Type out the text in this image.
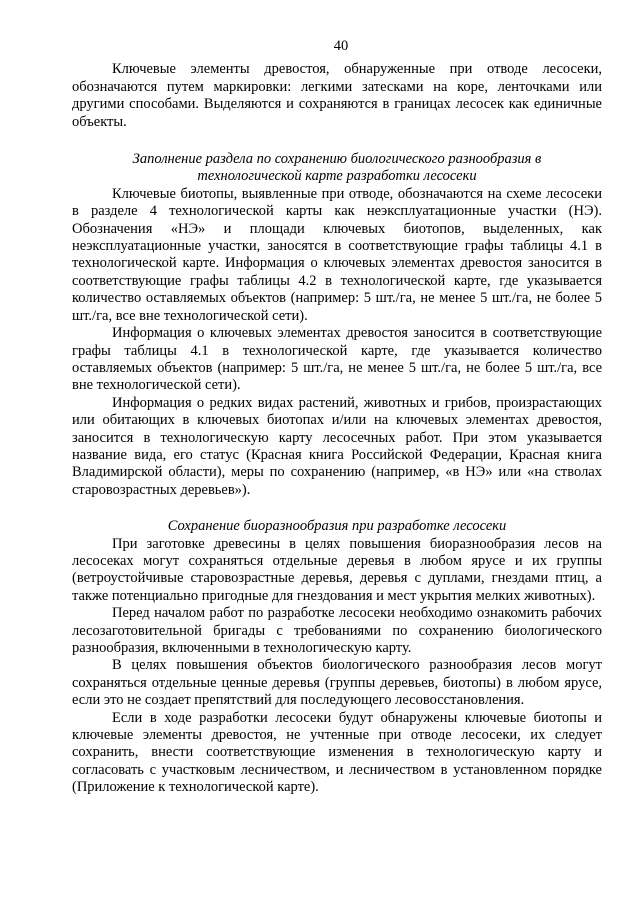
40

Ключевые элементы древостоя, обнаруженные при отводе лесосеки, обозначаются путем маркировки: легкими затесками на коре, ленточками или другими способами. Выделяются и сохраняются в границах лесосек как единичные объекты.

Заполнение раздела по сохранению биологического разнообразия в
технологической карте разработки лесосеки

Ключевые биотопы, выявленные при отводе, обозначаются на схеме лесосеки в разделе 4 технологической карты как неэксплуатационные участки (НЭ). Обозначения «НЭ» и площади ключевых биотопов, выделенных, как неэксплуатационные участки, заносятся в соответствующие графы таблицы 4.1 в технологической карте. Информация о ключевых элементах древостоя заносится в соответствующие графы таблицы 4.2 в технологической карте, где указывается количество оставляемых объектов (например: 5 шт./га, не менее 5 шт./га, не более 5 шт./га, все вне технологической сети).

Информация о ключевых элементах древостоя заносится в соответствующие графы таблицы 4.1 в технологической карте, где указывается количество оставляемых объектов (например: 5 шт./га, не менее 5 шт./га, не более 5 шт./га, все вне технологической сети).

Информация о редких видах растений, животных и грибов, произрастающих или обитающих в ключевых биотопах и/или на ключевых элементах древостоя, заносится в технологическую карту лесосечных работ. При этом указывается название вида, его статус (Красная книга Российской Федерации, Красная книга Владимирской области), меры по сохранению (например, «в НЭ» или «на стволах старовозрастных деревьев»).

Сохранение биоразнообразия при разработке лесосеки

При заготовке древесины в целях повышения биоразнообразия лесов на лесосеках могут сохраняться отдельные деревья в любом ярусе и их группы (ветроустойчивые старовозрастные деревья, деревья с дуплами, гнездами птиц, а также потенциально пригодные для гнездования и мест укрытия мелких животных).

Перед началом работ по разработке лесосеки необходимо ознакомить рабочих лесозаготовительной бригады с требованиями по сохранению биологического разнообразия, включенными в технологическую карту.

В целях повышения объектов биологического разнообразия лесов могут сохраняться отдельные ценные деревья (группы деревьев, биотопы) в любом ярусе, если это не создает препятствий для последующего лесовосстановления.

Если в ходе разработки лесосеки будут обнаружены ключевые биотопы и ключевые элементы древостоя, не учтенные при отводе лесосеки, их следует сохранить, внести соответствующие изменения в технологическую карту и согласовать с участковым лесничеством, и лесничеством в установленном порядке (Приложение к технологической карте).
